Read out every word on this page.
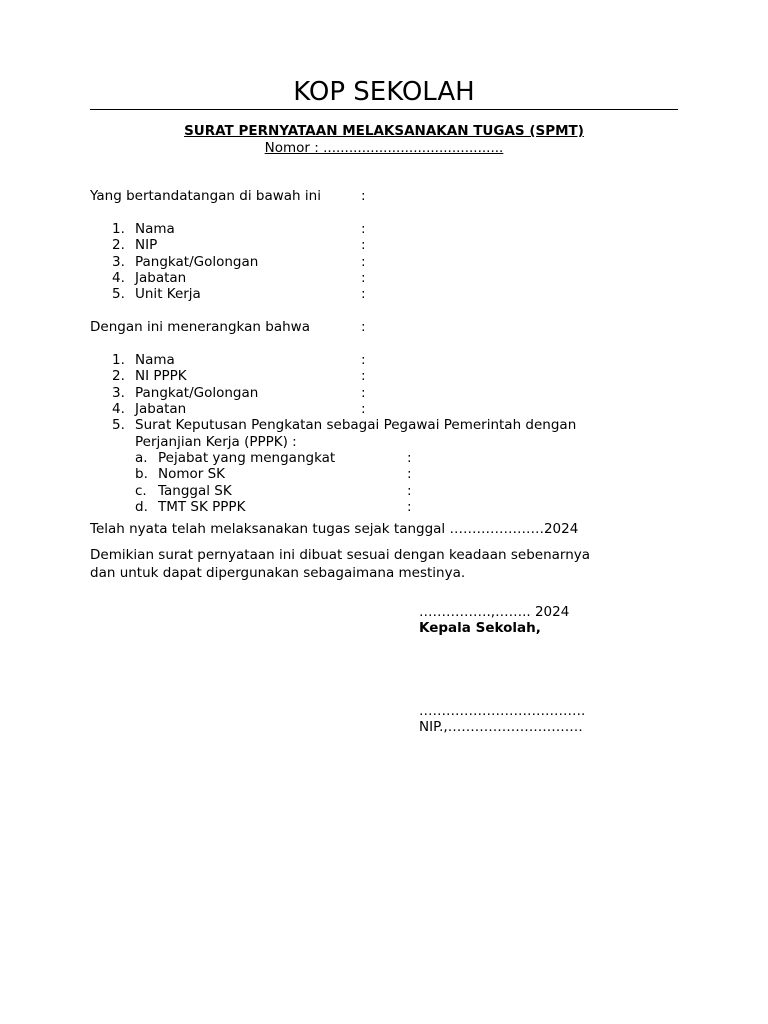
KOP SEKOLAH
SURAT PERNYATAAN MELAKSANAKAN TUGAS (SPMT)
Nomor : ..........................................
Yang bertandatangan di bawah ini	:
1. Nama	:
2. NIP	:
3. Pangkat/Golongan	:
4. Jabatan	:
5. Unit Kerja	:
Dengan ini menerangkan bahwa	:
1. Nama	:
2. NI PPPK	:
3. Pangkat/Golongan	:
4. Jabatan	:
5. Surat Keputusan Pengkatan sebagai Pegawai Pemerintah dengan
Perjanjian Kerja (PPPK) :
a. Pejabat yang mengangkat	:
b. Nomor SK	:
c. Tanggal SK	:
d. TMT SK PPPK	:
Telah nyata telah melaksanakan tugas sejak tanggal …………………2024
Demikian surat pernyataan ini dibuat sesuai dengan keadaan sebenarnya
dan untuk dapat dipergunakan sebagaimana mestinya.
…………….,…….. 2024
Kepala Sekolah,
……………………………….
NIP.,…………………………
